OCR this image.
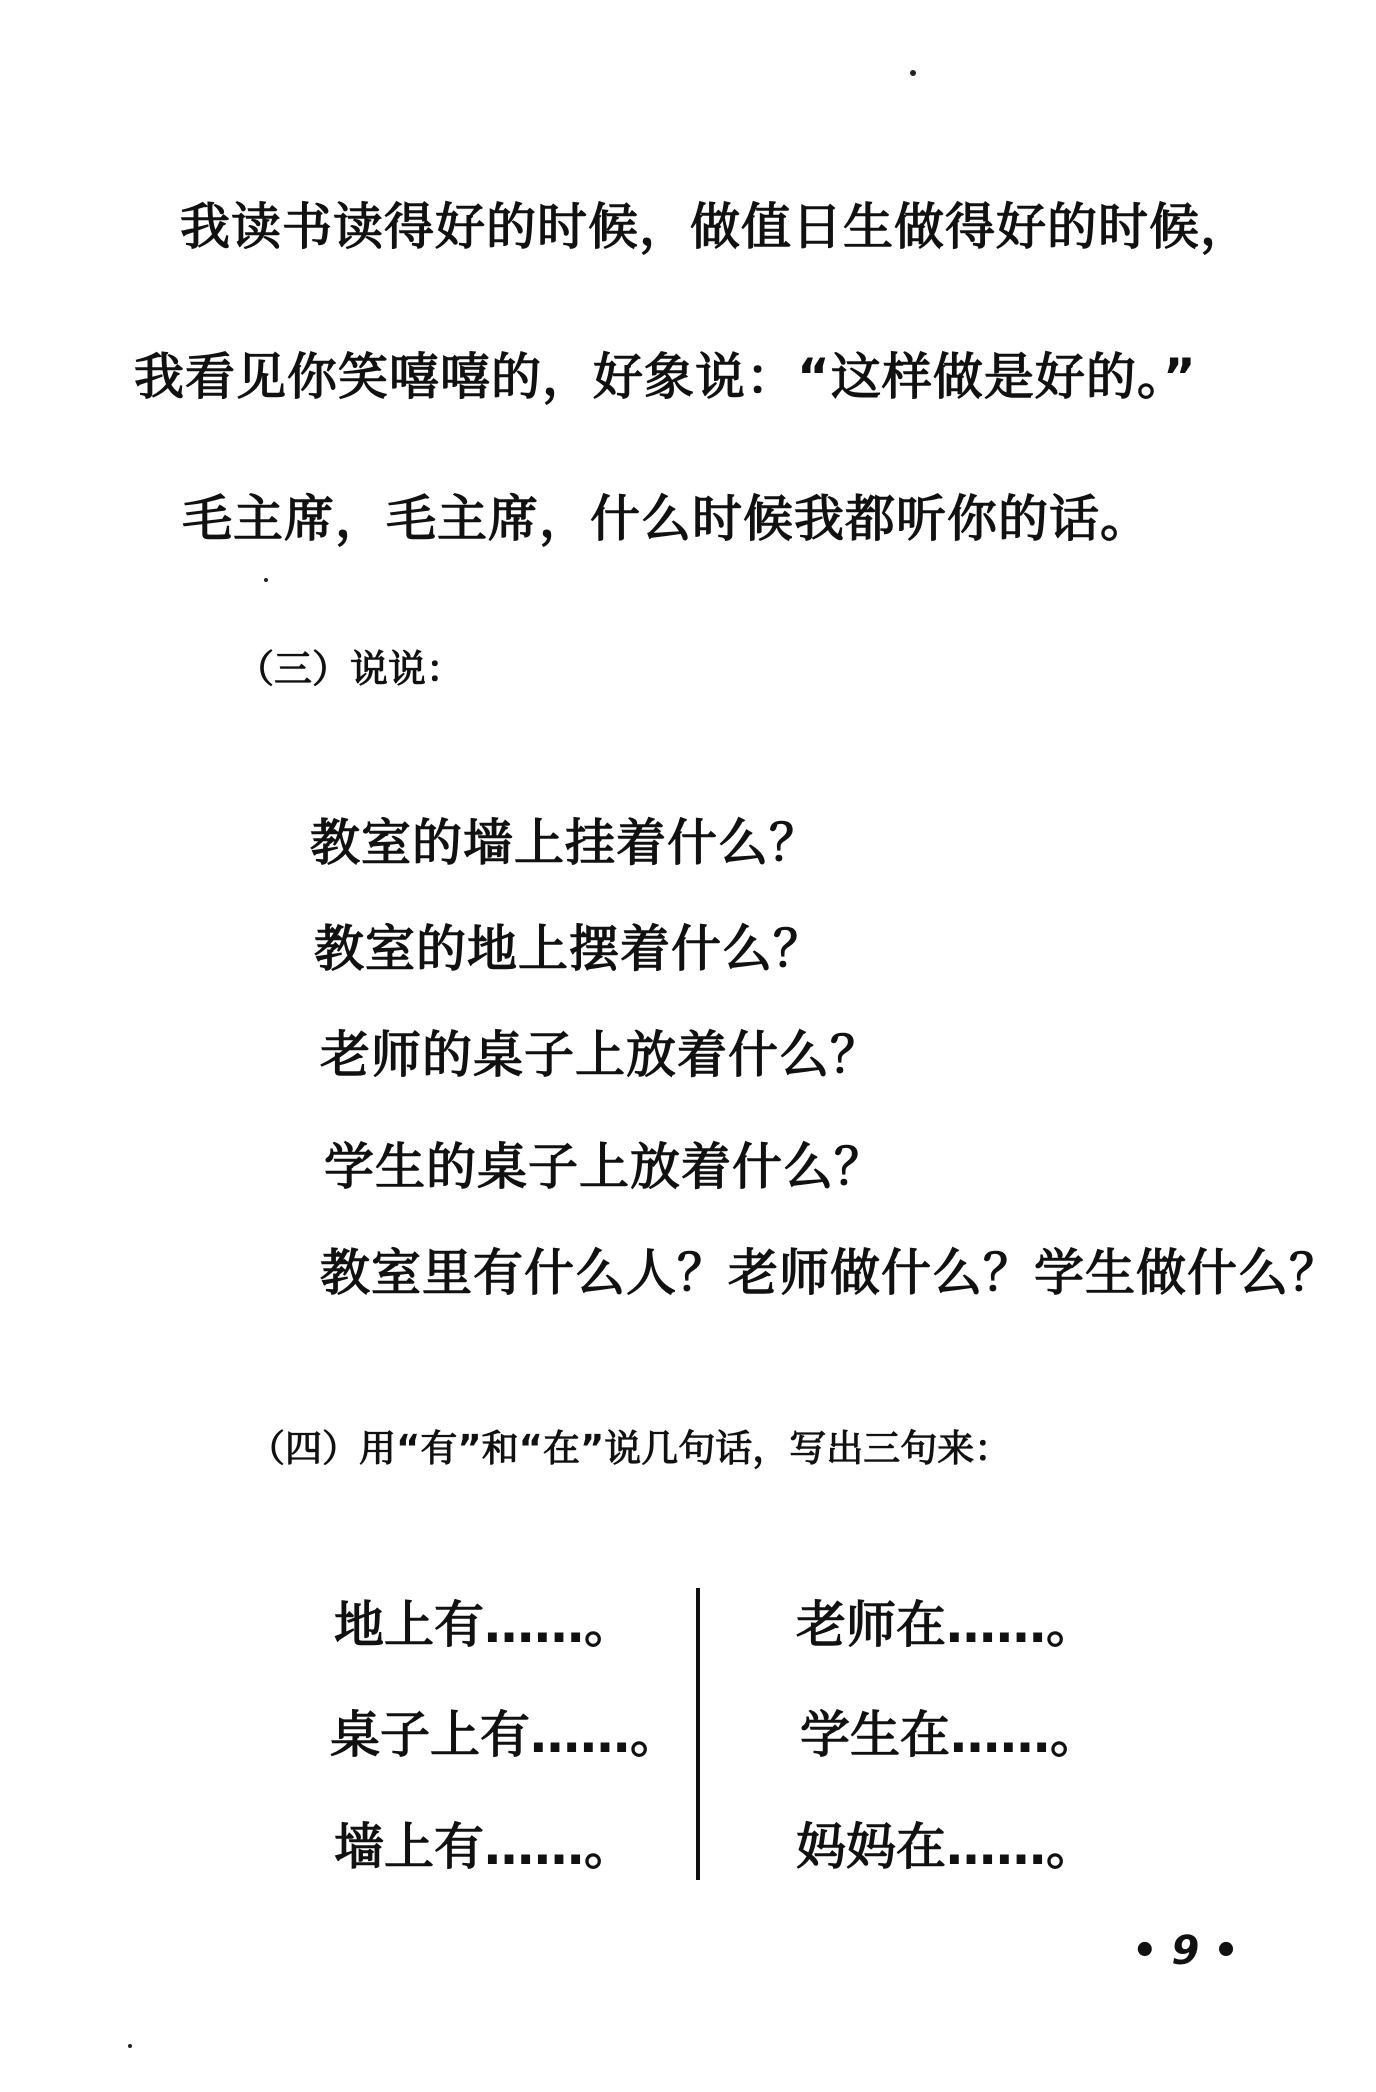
我读书读得好的时候，做值日生做得好的时候，
我看见你笑嘻嘻的，好象说：“这样做是好的。”
毛主席，毛主席，什么时候我都听你的话。
（三）说说：
教室的墙上挂着什么？
教室的地上摆着什么？
老师的桌子上放着什么？
学生的桌子上放着什么？
教室里有什么人？老师做什么？学生做什么？
（四）用“有”和“在”说几句话，写出三句来：
地上有……。
桌子上有……。
墙上有……。
老师在……。
学生在……。
妈妈在……。
• 9 •
